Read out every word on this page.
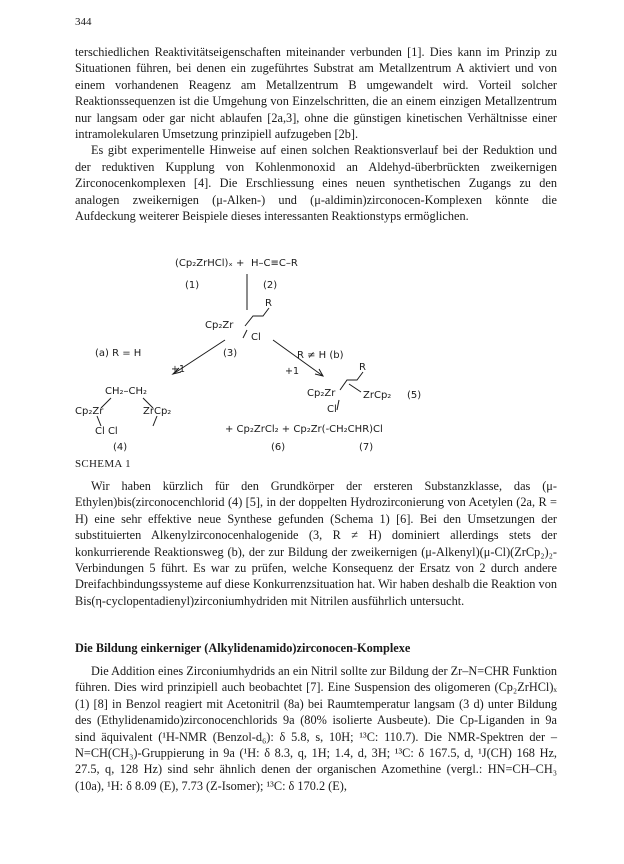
344

terschiedlichen Reaktivitätseigenschaften miteinander verbunden [1]. Dies kann im Prinzip zu Situationen führen, bei denen ein zugeführtes Substrat am Metallzentrum A aktiviert und von einem vorhandenen Reagenz am Metallzentrum B umgewandelt wird. Vorteil solcher Reaktionssequenzen ist die Umgehung von Einzelschritten, die an einem einzigen Metallzentrum nur langsam oder gar nicht ablaufen [2a,3], ohne die günstigen kinetischen Verhältnisse einer intramolekularen Umsetzung prinzipiell aufzugeben [2b].

Es gibt experimentelle Hinweise auf einen solchen Reaktionsverlauf bei der Reduktion und der reduktiven Kupplung von Kohlenmonoxid an Aldehyd-überbrückten zweikernigen Zirconocenkomplexen [4]. Die Erschliessung eines neuen synthetischen Zugangs zu den analogen zweikernigen (μ-Alken-) und (μ-aldimin)zirconocen-Komplexen könnte die Aufdeckung weiterer Beispiele dieses interessanten Reaktionstyps ermöglichen.

(Cp₂ZrHCl)ₓ + H–C≡C–R
(1)	(2)
R
Cp₂Zr
Cl
(3)
(a) R = H
+1
R ≠ H (b)
+1
CH₂–CH₂
Cp₂Zr	ZrCp₂
Cl Cl
(4)
R
Cp₂Zr	ZrCp₂
Cl
(5)
+ Cp₂ZrCl₂ + Cp₂Zr(-CH₂CHR)Cl
(6)	(7)
SCHEMA 1

Wir haben kürzlich für den Grundkörper der ersteren Substanzklasse, das (μ-Ethylen)bis(zirconocenchlorid (4) [5], in der doppelten Hydrozirconierung von Acetylen (2a, R = H) eine sehr effektive neue Synthese gefunden (Schema 1) [6]. Bei den Umsetzungen der substituierten Alkenylzirconocenhalogenide (3, R ≠ H) dominiert allerdings stets der konkurrierende Reaktionsweg (b), der zur Bildung der zweikernigen (μ-Alkenyl)(μ-Cl)(ZrCp₂)₂-Verbindungen 5 führt. Es war zu prüfen, welche Konsequenz der Ersatz von 2 durch andere Dreifachbindungssysteme auf diese Konkurrenzsituation hat. Wir haben deshalb die Reaktion von Bis(η-cyclopentadienyl)zirconiumhydriden mit Nitrilen ausführlich untersucht.

Die Bildung einkerniger (Alkylidenamido)zirconocen-Komplexe

Die Addition eines Zirconiumhydrids an ein Nitril sollte zur Bildung der Zr–N=CHR Funktion führen. Dies wird prinzipiell auch beobachtet [7]. Eine Suspension des oligomeren (Cp₂ZrHCl)ₓ (1) [8] in Benzol reagiert mit Acetonitril (8a) bei Raumtemperatur langsam (3 d) unter Bildung des (Ethylidenamido)zirconocenchlorids 9a (80% isolierte Ausbeute). Die Cp-Liganden in 9a sind äquivalent (¹H-NMR (Benzol-d₆): δ 5.8, s, 10H; ¹³C: 110.7). Die NMR-Spektren der –N=CH(CH₃)-Gruppierung in 9a (¹H: δ 8.3, q, 1H; 1.4, d, 3H; ¹³C: δ 167.5, d, ¹J(CH) 168 Hz, 27.5, q, 128 Hz) sind sehr ähnlich denen der organischen Azomethine (vergl.: HN=CH–CH₃ (10a), ¹H: δ 8.09 (E), 7.73 (Z-Isomer); ¹³C: δ 170.2 (E),
